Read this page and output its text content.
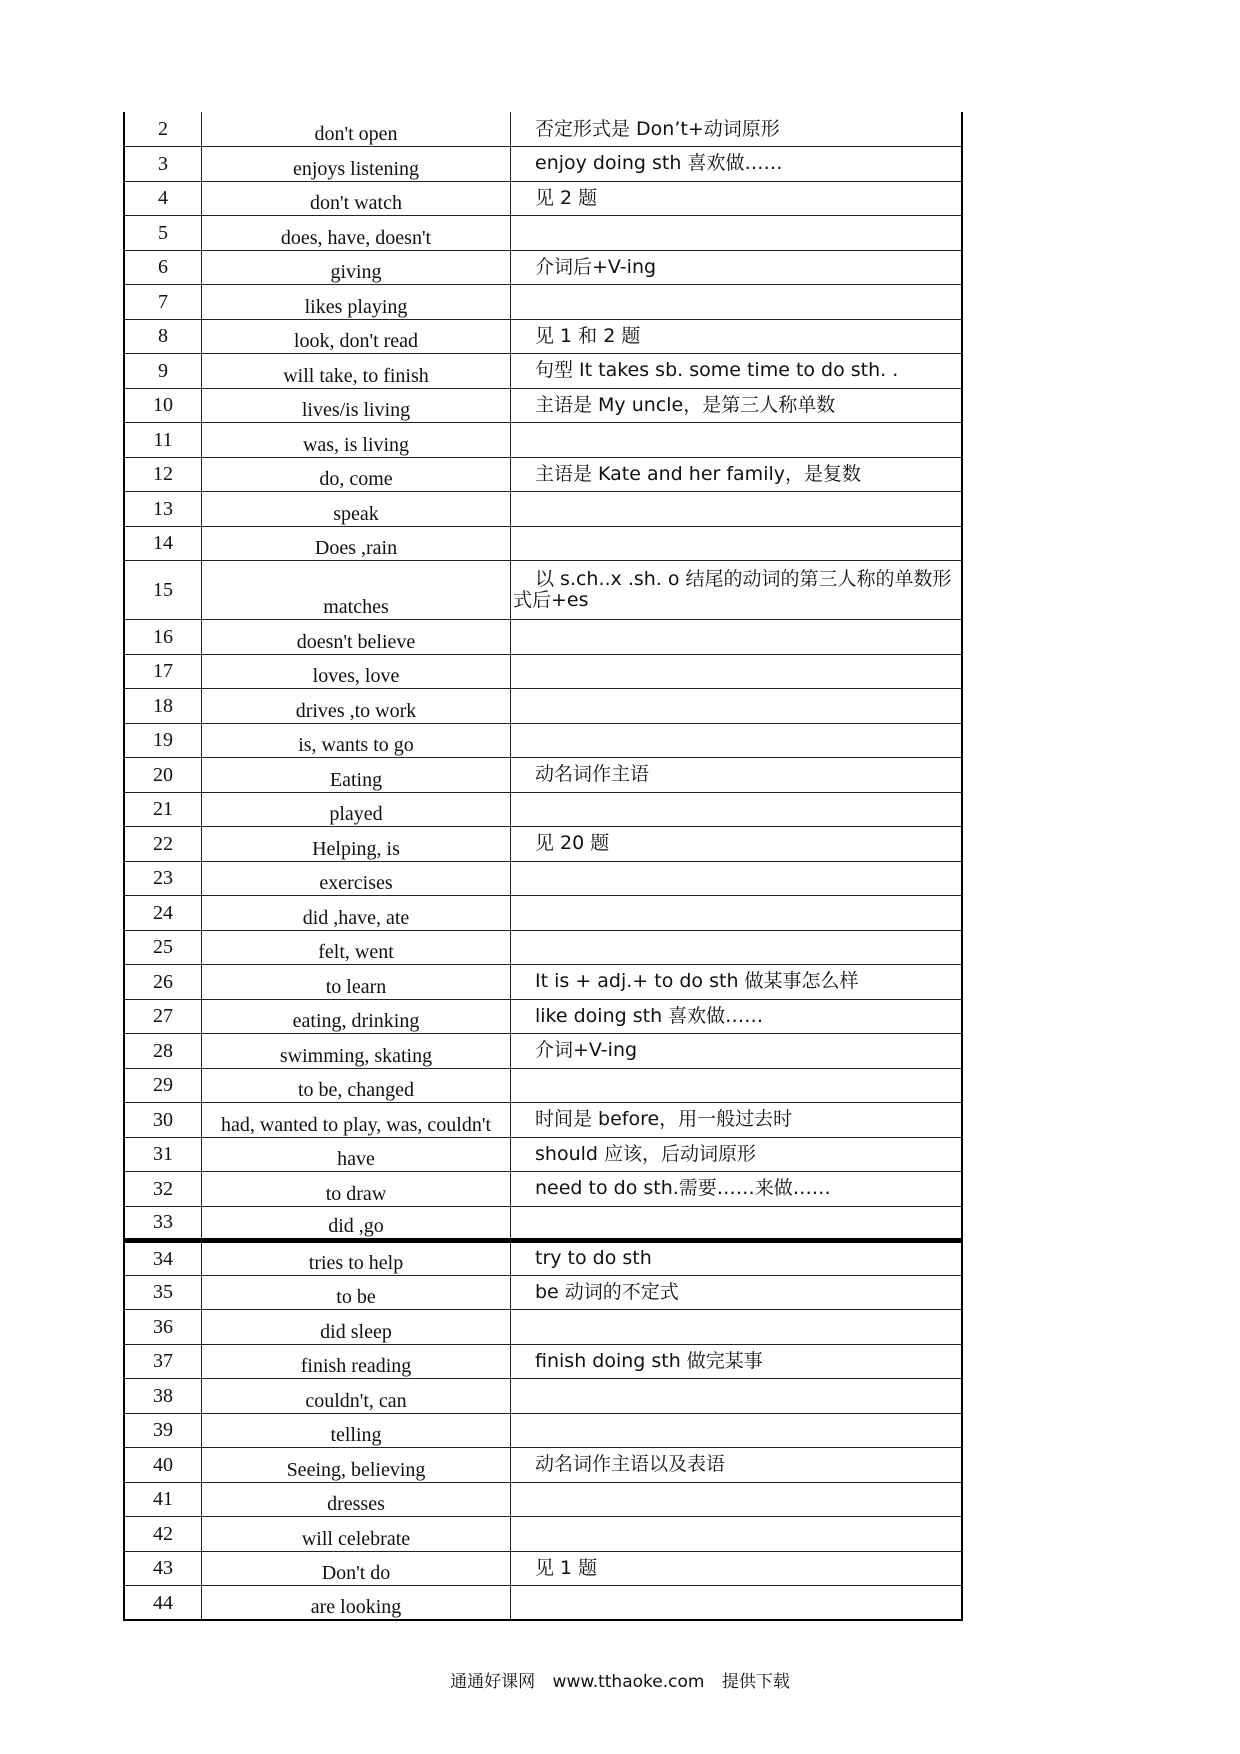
2	don't open	否定形式是 Don’t+动词原形
3	enjoys listening	enjoy doing sth 喜欢做……
4	don't watch	见 2 题
5	does, have, doesn't	
6	giving	介词后+V-ing
7	likes playing	
8	look, don't read	见 1 和 2 题
9	will take, to finish	句型 It takes sb. some time to do sth. .
10	lives/is living	主语是 My uncle，是第三人称单数
11	was, is living	
12	do, come	主语是 Kate and her family，是复数
13	speak	
14	Does ,rain	
15	matches	以 s.ch..x .sh. o 结尾的动词的第三人称的单数形式后+es
16	doesn't believe	
17	loves, love	
18	drives ,to work	
19	is, wants to go	
20	Eating	动名词作主语
21	played	
22	Helping, is	见 20 题
23	exercises	
24	did ,have, ate	
25	felt, went	
26	to learn	It is + adj.+ to do sth 做某事怎么样
27	eating, drinking	like doing sth 喜欢做……
28	swimming, skating	介词+V-ing
29	to be, changed	
30	had, wanted to play, was, couldn't	时间是 before，用一般过去时
31	have	should 应该，后动词原形
32	to draw	need to do sth.需要……来做……
33	did ,go	
34	tries to help	try to do sth
35	to be	be 动词的不定式
36	did sleep	
37	finish reading	finish doing sth 做完某事
38	couldn't, can	
39	telling	
40	Seeing, believing	动名词作主语以及表语
41	dresses	
42	will celebrate	
43	Don't do	见 1 题
44	are looking	
通通好课网 www.tthaoke.com 提供下载
